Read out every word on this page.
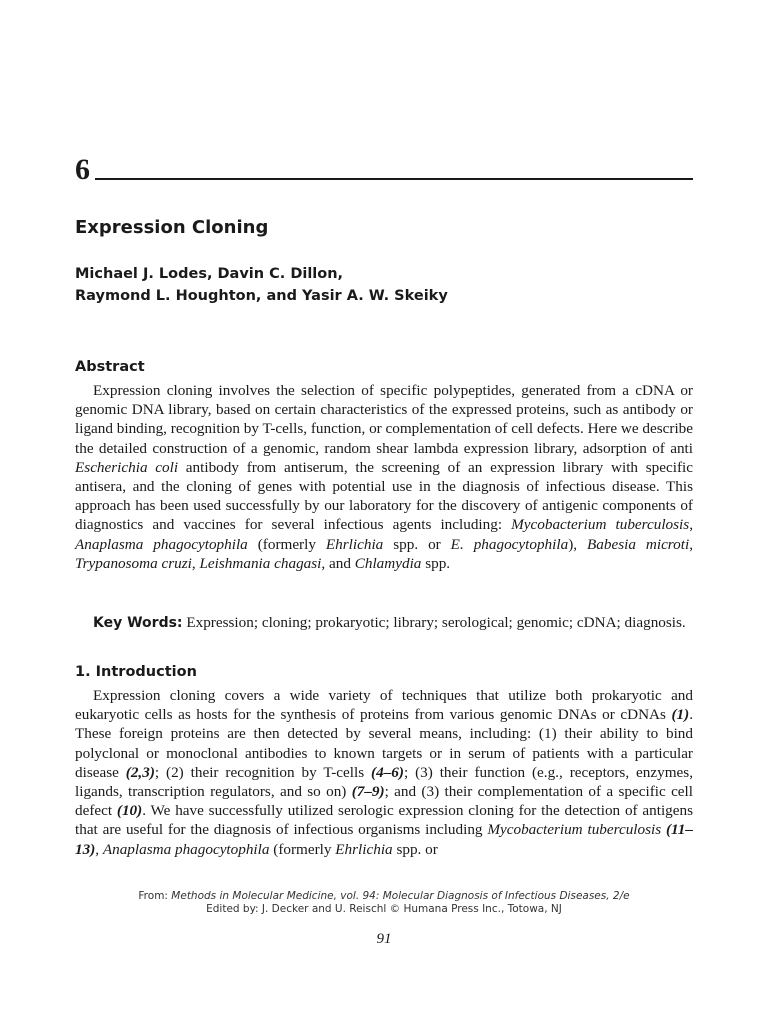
6
Expression Cloning
Michael J. Lodes, Davin C. Dillon,
Raymond L. Houghton, and Yasir A. W. Skeiky
Abstract
Expression cloning involves the selection of specific polypeptides, generated from a cDNA or genomic DNA library, based on certain characteristics of the expressed proteins, such as antibody or ligand binding, recognition by T-cells, function, or complementation of cell defects. Here we describe the detailed construction of a genomic, random shear lambda expression library, adsorption of anti Escherichia coli antibody from antiserum, the screening of an expression library with specific antisera, and the cloning of genes with potential use in the diagnosis of infectious disease. This approach has been used successfully by our laboratory for the discovery of antigenic components of diagnostics and vaccines for several infectious agents including: Mycobacterium tuberculosis, Anaplasma phagocytophila (formerly Ehrlichia spp. or E. phagocytophila), Babesia microti, Trypanosoma cruzi, Leishmania chagasi, and Chlamydia spp.
Key Words: Expression; cloning; prokaryotic; library; serological; genomic; cDNA; diagnosis.
1. Introduction
Expression cloning covers a wide variety of techniques that utilize both prokaryotic and eukaryotic cells as hosts for the synthesis of proteins from various genomic DNAs or cDNAs (1). These foreign proteins are then detected by several means, including: (1) their ability to bind polyclonal or monoclonal antibodies to known targets or in serum of patients with a particular disease (2,3); (2) their recognition by T-cells (4–6); (3) their function (e.g., receptors, enzymes, ligands, transcription regulators, and so on) (7–9); and (3) their complementation of a specific cell defect (10). We have successfully utilized serologic expression cloning for the detection of antigens that are useful for the diagnosis of infectious organisms including Mycobacterium tuberculosis (11–13), Anaplasma phagocytophila (formerly Ehrlichia spp. or
From: Methods in Molecular Medicine, vol. 94: Molecular Diagnosis of Infectious Diseases, 2/e
Edited by: J. Decker and U. Reischl © Humana Press Inc., Totowa, NJ
91
